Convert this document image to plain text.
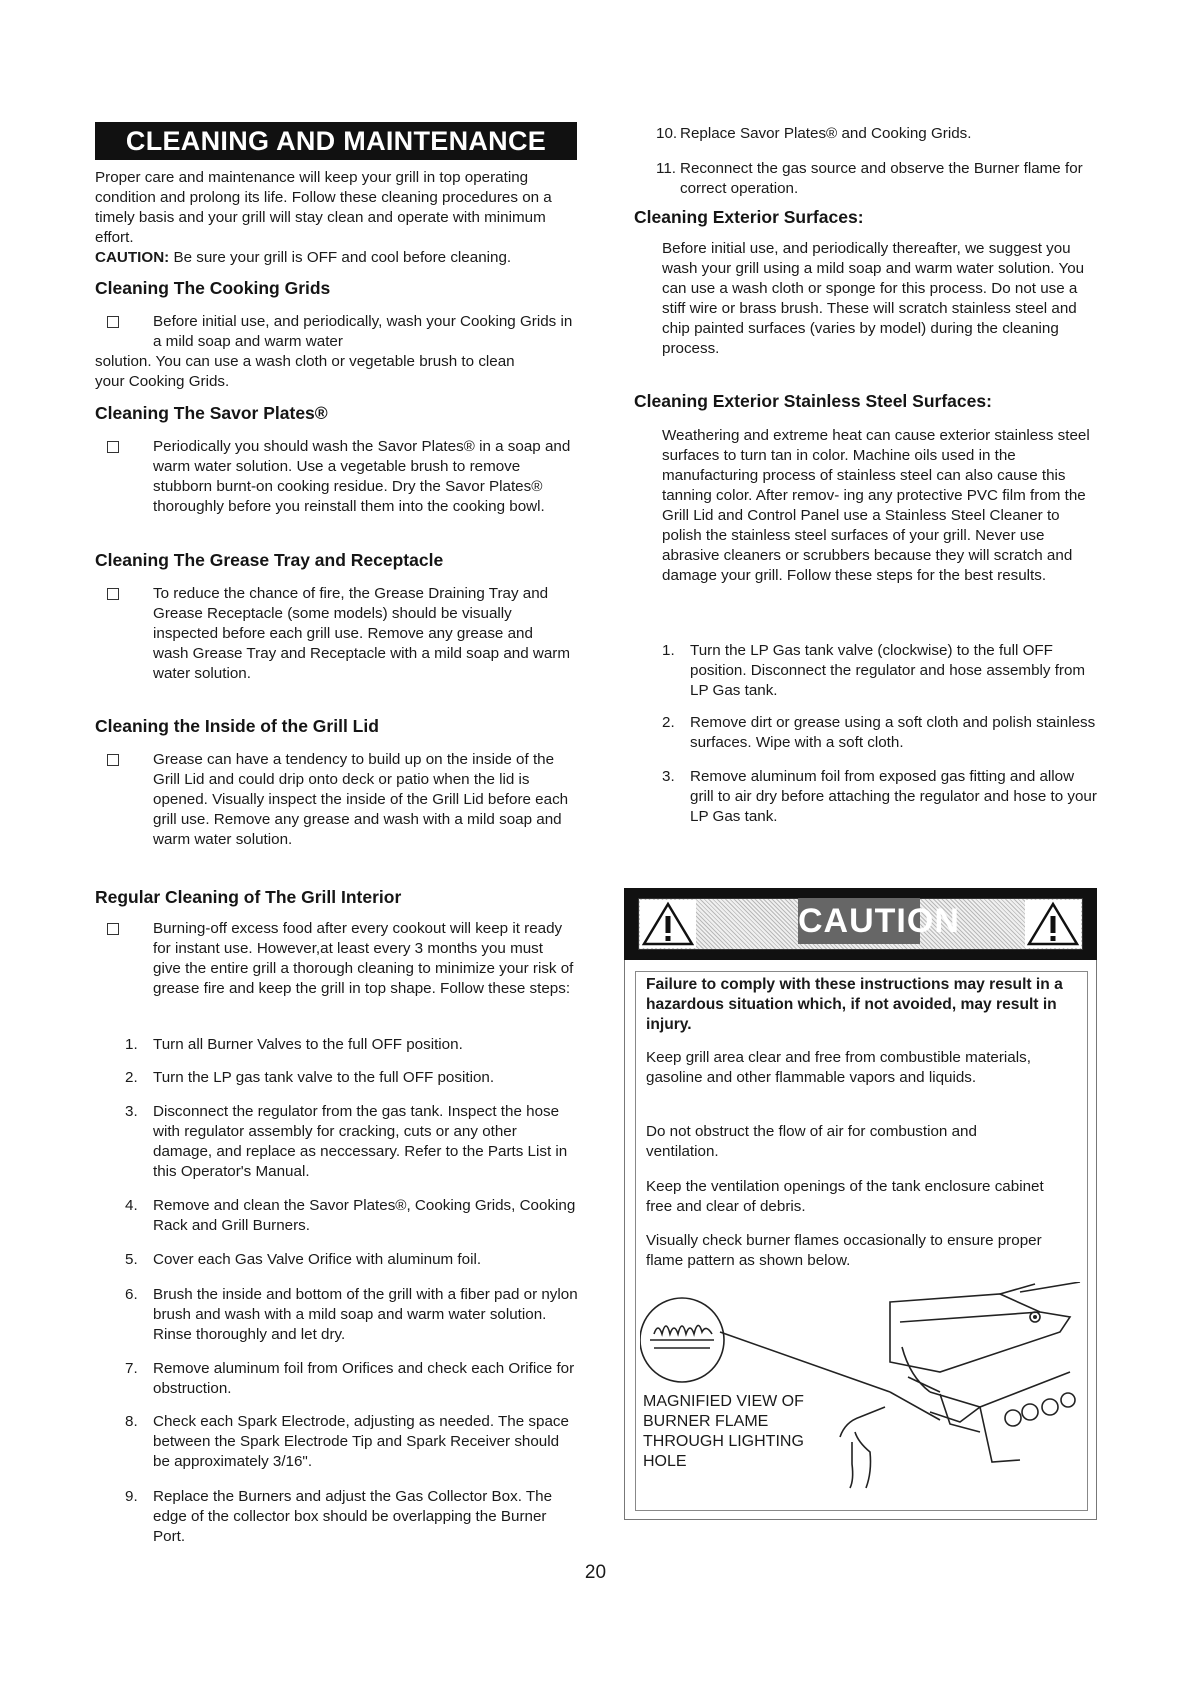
CLEANING AND MAINTENANCE
Proper care and maintenance will keep your grill in top operating condition and prolong its life. Follow these cleaning procedures on a timely basis and your grill will stay clean and operate with minimum effort.
CAUTION: Be sure your grill is OFF and cool before cleaning.
Cleaning The Cooking Grids
Before initial use, and periodically, wash your Cooking Grids in a mild soap and warm water
solution. You can use a wash cloth or vegetable brush to clean your Cooking Grids.
Cleaning The Savor Plates®
Periodically you should wash the Savor Plates® in a soap and warm water solution. Use a vegetable brush to remove stubborn burnt-on cooking residue. Dry the Savor Plates® thoroughly before you reinstall them into the cooking bowl.
Cleaning The Grease Tray and Receptacle
To reduce the chance of fire, the Grease Draining Tray and Grease Receptacle (some models) should be visually inspected before each grill use. Remove any grease and wash Grease Tray and Receptacle with a mild soap and warm water solution.
Cleaning the Inside of the Grill Lid
Grease can have a tendency to build up on the inside of the Grill Lid and could drip onto deck or patio when the lid is opened. Visually inspect the inside of the Grill Lid before each grill use. Remove any grease and wash with a mild soap and warm water solution.
Regular Cleaning of The Grill Interior
Burning-off excess food after every cookout will keep it ready for instant use. However,at least every 3 months you must give the entire grill a thorough cleaning to minimize your risk of grease fire and keep the grill in top shape. Follow these steps:
1.	Turn all Burner Valves to the full OFF position.
2.	Turn the LP gas tank valve to the full OFF position.
3.	Disconnect the regulator from the gas tank. Inspect the hose with regulator assembly for cracking, cuts or any other damage, and replace as neccessary. Refer to the Parts List in this Operator's Manual.
4.	Remove and clean the Savor Plates®, Cooking Grids, Cooking Rack and Grill Burners.
5.	Cover each Gas Valve Orifice with aluminum foil.
6.	Brush the inside and bottom of the grill with a fiber pad or nylon brush and wash with a mild soap and warm water solution. Rinse thoroughly and let dry.
7.	Remove aluminum foil from Orifices and check each Orifice for obstruction.
8.	Check each Spark Electrode, adjusting as needed. The space between the Spark Electrode Tip and Spark Receiver should be approximately 3/16".
9.	Replace the Burners and adjust the Gas Collector Box. The edge of the collector box should be overlapping the Burner Port.
10. Replace Savor Plates® and Cooking Grids.
11. Reconnect the gas source and observe the Burner flame for correct operation.
Cleaning Exterior Surfaces:
Before initial use, and periodically thereafter, we suggest you wash your grill using a mild soap and warm water solution. You can use a wash cloth or sponge for this process. Do not use a stiff wire or brass brush. These will scratch stainless steel and chip painted surfaces (varies by model) during the cleaning process.
Cleaning Exterior Stainless Steel Surfaces:
Weathering and extreme heat can cause exterior stainless steel surfaces to turn tan in color. Machine oils used in the manufacturing process of stainless steel can also cause this tanning color. After remov- ing any protective PVC film from the Grill Lid and Control Panel use a Stainless Steel Cleaner to polish the stainless steel surfaces of your grill. Never use abrasive cleaners or scrubbers because they will scratch and damage your grill. Follow these steps for the best results.
1.	Turn the LP Gas tank valve (clockwise) to the full OFF position. Disconnect the regulator and hose assembly from LP Gas tank.
2.	Remove dirt or grease using a soft cloth and polish stainless surfaces. Wipe with a soft cloth.
3.	Remove aluminum foil from exposed gas fitting and allow grill to air dry before attaching the regulator and hose to your LP Gas tank.
CAUTION
Failure to comply with these instructions may result in a hazardous situation which, if not avoided, may result in injury.
Keep grill area clear and free from combustible materials, gasoline and other flammable vapors and liquids.
Do not obstruct the flow of air for combustion and ventilation.
Keep the ventilation openings of the tank enclosure cabinet free and clear of debris.
Visually check burner flames occasionally to ensure proper flame pattern as shown below.
MAGNIFIED VIEW OF
BURNER FLAME
THROUGH LIGHTING
HOLE
20
